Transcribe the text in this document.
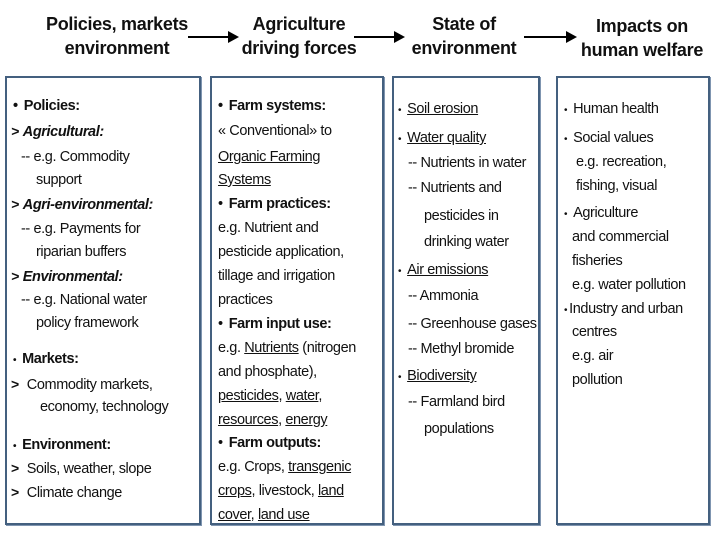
Policies, markets
environment
Agriculture
driving forces
State of
environment
Impacts on
human welfare
• Policies:
> Agricultural:
-- e.g. Commodity
support
> Agri-environmental:
-- e.g. Payments for
riparian buffers
> Environmental:
-- e.g. National water
policy framework
• Markets:
> Commodity markets,
economy, technology
• Environment:
> Soils, weather, slope
> Climate change
• Farm systems:
« Conventional» to
Organic Farming
Systems
• Farm practices:
e.g. Nutrient and
pesticide application,
tillage and irrigation
practices
• Farm input use:
e.g. Nutrients (nitrogen
and phosphate),
pesticides, water,
resources, energy
• Farm outputs:
e.g. Crops, transgenic
crops, livestock, land
cover, land use
• Soil erosion
• Water quality
-- Nutrients in water
-- Nutrients and
pesticides in
drinking water
• Air emissions
-- Ammonia
-- Greenhouse gases
-- Methyl bromide
• Biodiversity
-- Farmland bird
populations
• Human health
• Social values
e.g. recreation,
fishing, visual
• Agriculture
and commercial
fisheries
e.g. water pollution
• Industry and urban
centres
e.g. air
pollution
